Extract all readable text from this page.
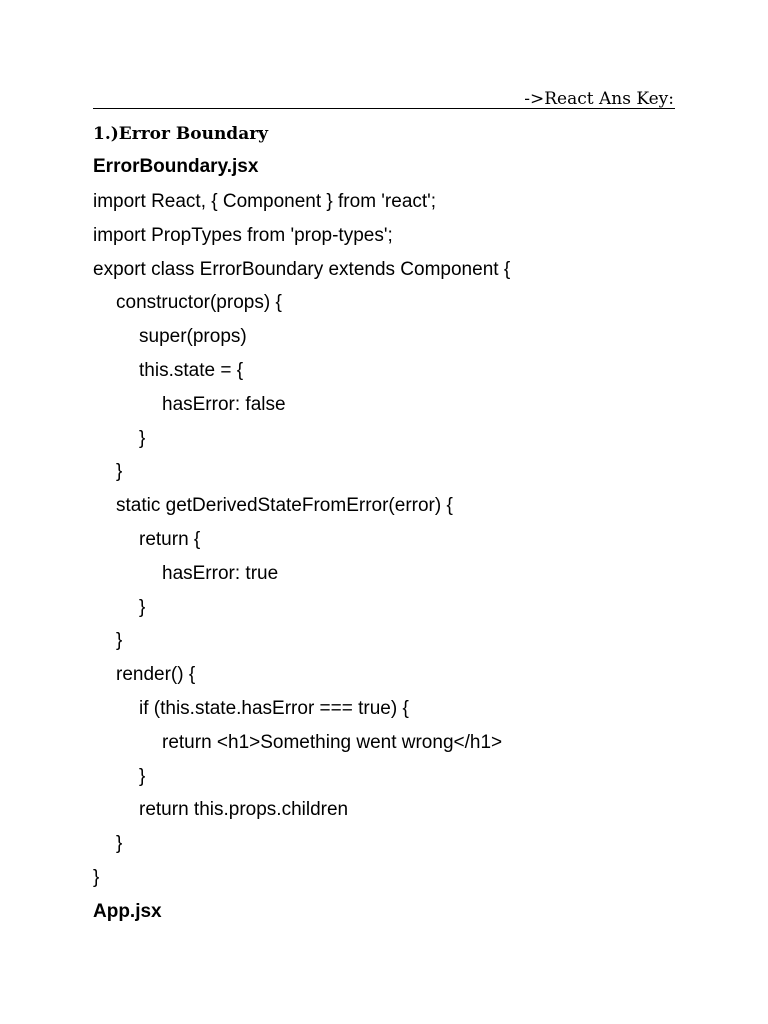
->React Ans Key:
1.)Error Boundary
ErrorBoundary.jsx
import React, { Component } from 'react';
import PropTypes from 'prop-types';
export class ErrorBoundary extends Component {
constructor(props) {
super(props)
this.state = {
hasError: false
}
}
static getDerivedStateFromError(error) {
return {
hasError: true
}
}
render() {
if (this.state.hasError === true) {
return <h1>Something went wrong</h1>
}
return this.props.children
}
}
App.jsx
